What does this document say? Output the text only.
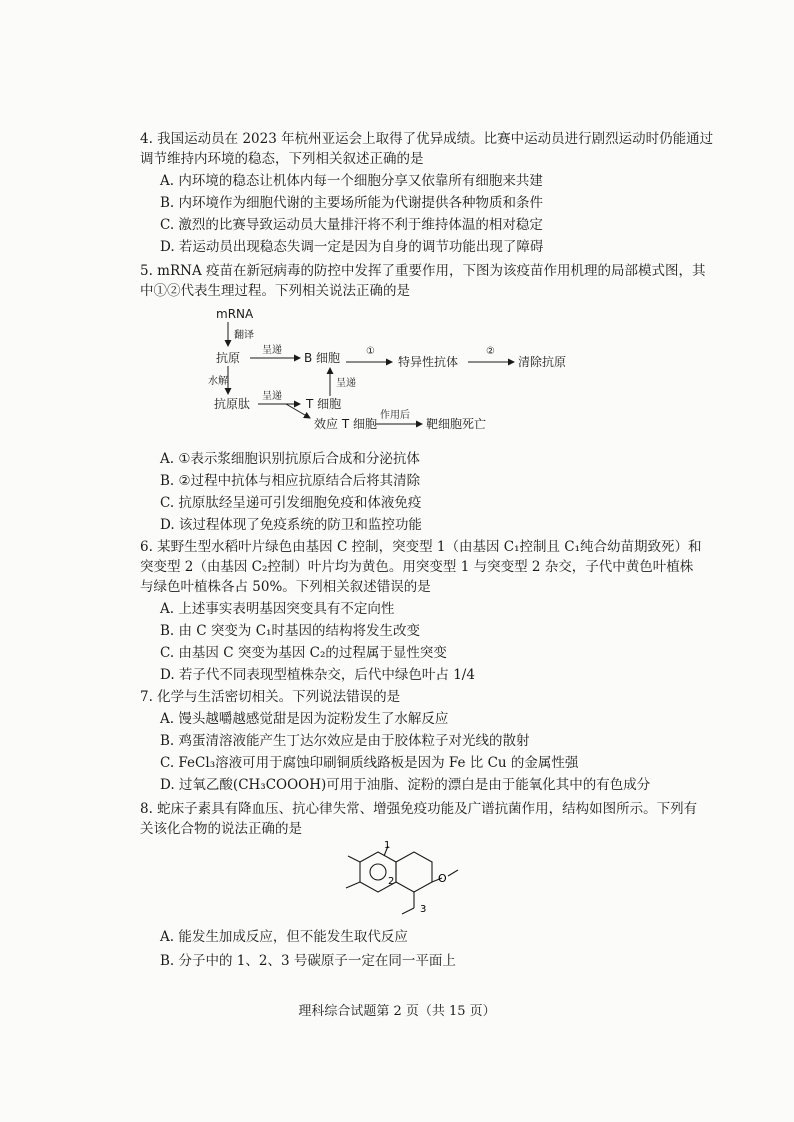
4. 我国运动员在 2023 年杭州亚运会上取得了优异成绩。比赛中运动员进行剧烈运动时仍能通过
调节维持内环境的稳态，下列相关叙述正确的是
A. 内环境的稳态让机体内每一个细胞分享又依靠所有细胞来共建
B. 内环境作为细胞代谢的主要场所能为代谢提供各种物质和条件
C. 激烈的比赛导致运动员大量排汗将不利于维持体温的相对稳定
D. 若运动员出现稳态失调一定是因为自身的调节功能出现了障碍
5. mRNA 疫苗在新冠病毒的防控中发挥了重要作用，下图为该疫苗作用机理的局部模式图，其
中①②代表生理过程。下列相关说法正确的是
mRNA
翻译
抗原
呈递
B 细胞	①
特异性抗体
②
清除抗原
水解
抗原肽
呈递
T 细胞
呈递
效应 T 细胞
作用后
靶细胞死亡
A. ①表示浆细胞识别抗原后合成和分泌抗体
B. ②过程中抗体与相应抗原结合后将其清除
C. 抗原肽经呈递可引发细胞免疫和体液免疫
D. 该过程体现了免疫系统的防卫和监控功能
6. 某野生型水稻叶片绿色由基因 C 控制，突变型 1（由基因 C₁控制且 C₁纯合幼苗期致死）和
突变型 2（由基因 C₂控制）叶片均为黄色。用突变型 1 与突变型 2 杂交，子代中黄色叶植株
与绿色叶植株各占 50%。下列相关叙述错误的是
A. 上述事实表明基因突变具有不定向性
B. 由 C 突变为 C₁时基因的结构将发生改变
C. 由基因 C 突变为基因 C₂的过程属于显性突变
D. 若子代不同表现型植株杂交，后代中绿色叶占 1/4
7. 化学与生活密切相关。下列说法错误的是
A. 馒头越嚼越感觉甜是因为淀粉发生了水解反应
B. 鸡蛋清溶液能产生丁达尔效应是由于胶体粒子对光线的散射
C. FeCl₃溶液可用于腐蚀印刷铜质线路板是因为 Fe 比 Cu 的金属性强
D. 过氧乙酸(CH₃COOOH)可用于油脂、淀粉的漂白是由于能氧化其中的有色成分
8. 蛇床子素具有降血压、抗心律失常、增强免疫功能及广谱抗菌作用，结构如图所示。下列有
关该化合物的说法正确的是
O
1
2
3
A. 能发生加成反应，但不能发生取代反应
B. 分子中的 1、2、3 号碳原子一定在同一平面上
理科综合试题第 2 页（共 15 页）
